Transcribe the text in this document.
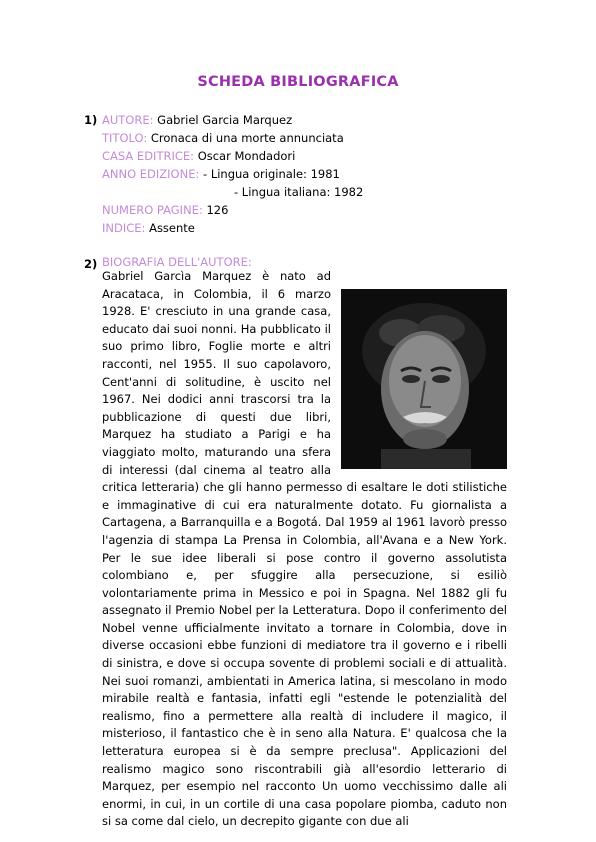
SCHEDA BIBLIOGRAFICA
1) AUTORE: Gabriel Garcia Marquez
TITOLO: Cronaca di una morte annunciata
CASA EDITRICE: Oscar Mondadori
ANNO EDIZIONE: - Lingua originale: 1981
- Lingua italiana: 1982
NUMERO PAGINE: 126
INDICE: Assente
2) BIOGRAFIA DELL'AUTORE:
Gabriel Garcìa Marquez è nato ad Aracataca, in Colombia, il 6 marzo 1928. E' cresciuto in una grande casa, educato dai suoi nonni. Ha pubblicato il suo primo libro, Foglie morte e altri racconti, nel 1955. Il suo capolavoro, Cent'anni di solitudine, è uscito nel 1967. Nei dodici anni trascorsi tra la pubblicazione di questi due libri, Marquez ha studiato a Parigi e ha viaggiato molto, maturando una sfera di interessi (dal cinema al teatro alla critica letteraria) che gli hanno permesso di esaltare le doti stilistiche e immaginative di cui era naturalmente dotato. Fu giornalista a Cartagena, a Barranquilla e a Bogotá. Dal 1959 al 1961 lavorò presso l'agenzia di stampa La Prensa in Colombia, all'Avana e a New York. Per le sue idee liberali si pose contro il governo assolutista colombiano e, per sfuggire alla persecuzione, si esiliò volontariamente prima in Messico e poi in Spagna. Nel 1882 gli fu assegnato il Premio Nobel per la Letteratura. Dopo il conferimento del Nobel venne ufficialmente invitato a tornare in Colombia, dove in diverse occasioni ebbe funzioni di mediatore tra il governo e i ribelli di sinistra, e dove si occupa sovente di problemi sociali e di attualità. Nei suoi romanzi, ambientati in America latina, si mescolano in modo mirabile realtà e fantasia, infatti egli "estende le potenzialità del realismo, fino a permettere alla realtà di includere il magico, il misterioso, il fantastico che è in seno alla Natura. E' qualcosa che la letteratura europea si è da sempre preclusa". Applicazioni del realismo magico sono riscontrabili già all'esordio letterario di Marquez, per esempio nel racconto Un uomo vecchissimo dalle ali enormi, in cui, in un cortile di una casa popolare piomba, caduto non si sa come dal cielo, un decrepito gigante con due ali
